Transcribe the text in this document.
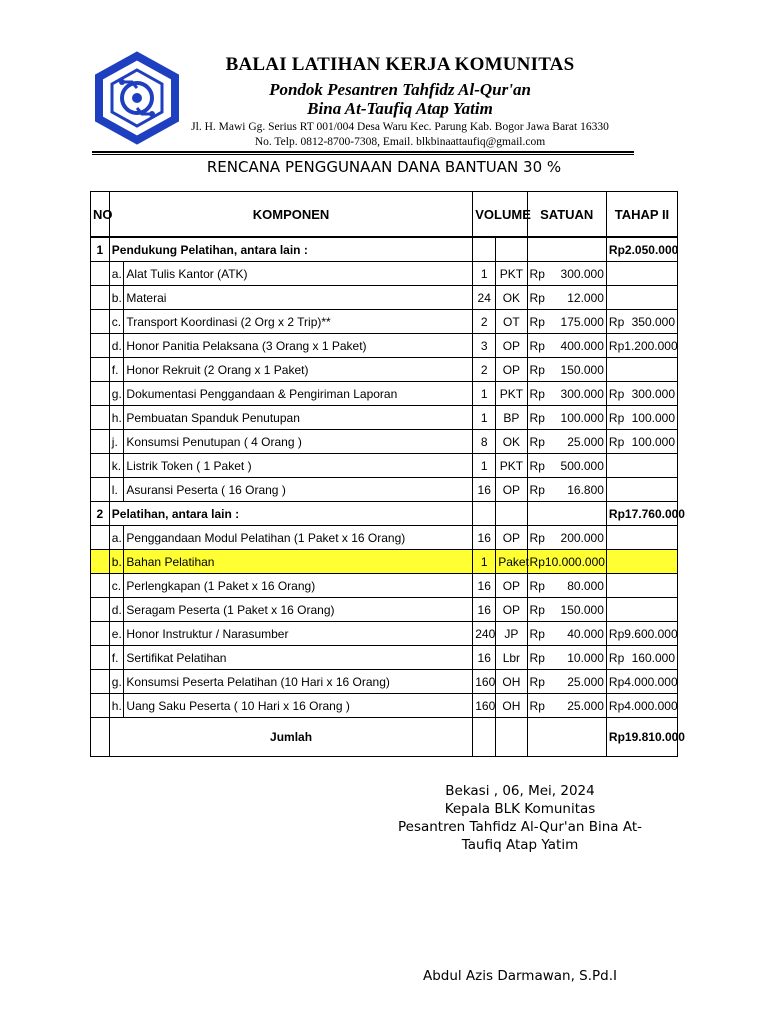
BALAI LATIHAN KERJA KOMUNITAS
Pondok Pesantren Tahfidz Al-Qur'an
Bina At-Taufiq Atap Yatim
Jl. H. Mawi Gg. Serius RT 001/004 Desa Waru Kec. Parung Kab. Bogor Jawa Barat 16330
No. Telp. 0812-8700-7308, Email. blkbinaattaufiq@gmail.com
RENCANA PENGGUNAAN DANA BANTUAN 30 %
NO	KOMPONEN		VOLUME		SATUAN	TAHAP II
1	Pendukung Pelatihan, antara lain :					Rp 2.050.000
	a.	Alat Tulis Kantor (ATK)	1	PKT	Rp 300.000	

	b.	Materai	24	OK	Rp 12.000	

	c.	Transport Koordinasi (2 Org x 2 Trip)**	2	OT	Rp 175.000	Rp 350.000
	d.	Honor Panitia Pelaksana (3 Orang x 1 Paket)	3	OP	Rp 400.000	Rp 1.200.000
	f.	Honor Rekruit (2 Orang x 1 Paket)	2	OP	Rp 150.000	

	g.	Dokumentasi Penggandaan & Pengiriman Laporan	1	PKT	Rp 300.000	Rp 300.000
	h.	Pembuatan Spanduk Penutupan	1	BP	Rp 100.000	Rp 100.000
	j.	Konsumsi Penutupan ( 4 Orang )	8	OK	Rp 25.000	Rp 100.000
	k.	Listrik Token ( 1 Paket )	1	PKT	Rp 500.000	

	l.	Asuransi Peserta ( 16 Orang )	16	OP	Rp 16.800	

2	Pelatihan, antara lain :					Rp 17.760.000
	a.	Penggandaan Modul Pelatihan (1 Paket x 16 Orang)	16	OP	Rp 200.000	

	b.	Bahan Pelatihan	1	Paket	Rp 10.000.000	

	c.	Perlengkapan (1 Paket x 16 Orang)	16	OP	Rp 80.000	

	d.	Seragam Peserta (1 Paket x 16 Orang)	16	OP	Rp 150.000	

	e.	Honor Instruktur / Narasumber	240	JP	Rp 40.000	Rp 9.600.000
	f.	Sertifikat Pelatihan	16	Lbr	Rp 10.000	Rp 160.000
	g.	Konsumsi Peserta Pelatihan (10 Hari x 16 Orang)	160	OH	Rp 25.000	Rp 4.000.000
	h.	Uang Saku Peserta ( 10 Hari x 16 Orang )	160	OH	Rp 25.000	Rp 4.000.000
	Jumlah					Rp 19.810.000
Bekasi , 06, Mei, 2024
Kepala BLK Komunitas
Pesantren Tahfidz Al-Qur'an Bina At-
Taufiq Atap Yatim
Abdul Azis Darmawan, S.Pd.I
